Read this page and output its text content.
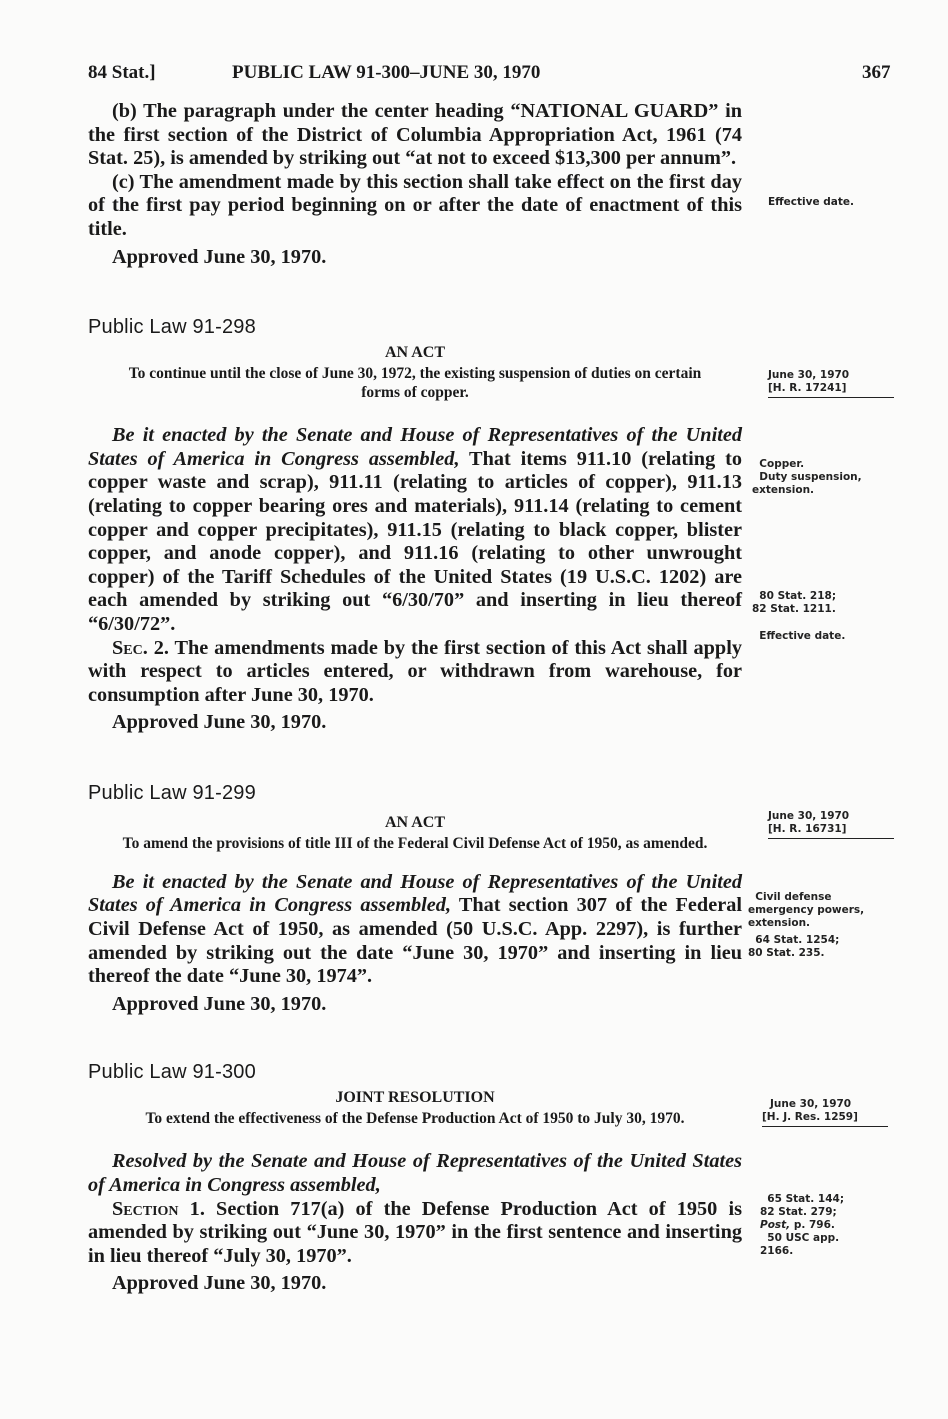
84 Stat.]	PUBLIC LAW 91-300–JUNE 30, 1970	367
(b) The paragraph under the center heading “NATIONAL GUARD” in the first section of the District of Columbia Appropriation Act, 1961 (74 Stat. 25), is amended by striking out “at not to exceed $13,300 per annum”.
(c) The amendment made by this section shall take effect on the first day of the first pay period beginning on or after the date of enactment of this title.
Approved June 30, 1970.
Public Law 91-298
AN ACT
To continue until the close of June 30, 1972, the existing suspension of duties on certain forms of copper.
Be it enacted by the Senate and House of Representatives of the United States of America in Congress assembled, That items 911.10 (relating to copper waste and scrap), 911.11 (relating to articles of copper), 911.13 (relating to copper bearing ores and materials), 911.14 (relating to cement copper and copper precipitates), 911.15 (relating to black copper, blister copper, and anode copper), and 911.16 (relating to other unwrought copper) of the Tariff Schedules of the United States (19 U.S.C. 1202) are each amended by striking out “6/30/70” and inserting in lieu thereof “6/30/72”.
Sec. 2. The amendments made by the first section of this Act shall apply with respect to articles entered, or withdrawn from warehouse, for consumption after June 30, 1970.
Approved June 30, 1970.
Public Law 91-299
AN ACT
To amend the provisions of title III of the Federal Civil Defense Act of 1950, as amended.
Be it enacted by the Senate and House of Representatives of the United States of America in Congress assembled, That section 307 of the Federal Civil Defense Act of 1950, as amended (50 U.S.C. App. 2297), is further amended by striking out the date “June 30, 1970” and inserting in lieu thereof the date “June 30, 1974”.
Approved June 30, 1970.
Public Law 91-300
JOINT RESOLUTION
To extend the effectiveness of the Defense Production Act of 1950 to July 30, 1970.
Resolved by the Senate and House of Representatives of the United States of America in Congress assembled,
Section 1. Section 717(a) of the Defense Production Act of 1950 is amended by striking out “June 30, 1970” in the first sentence and inserting in lieu thereof “July 30, 1970”.
Approved June 30, 1970.
Effective date.
June 30, 1970
[H. R. 17241]
Copper.
Duty suspension,
extension.
80 Stat. 218;
82 Stat. 1211.
Effective date.
June 30, 1970
[H. R. 16731]
Civil defense
emergency powers,
extension.
64 Stat. 1254;
80 Stat. 235.
June 30, 1970
[H. J. Res. 1259]
65 Stat. 144;
82 Stat. 279;
Post, p. 796.
50 USC app.
2166.
